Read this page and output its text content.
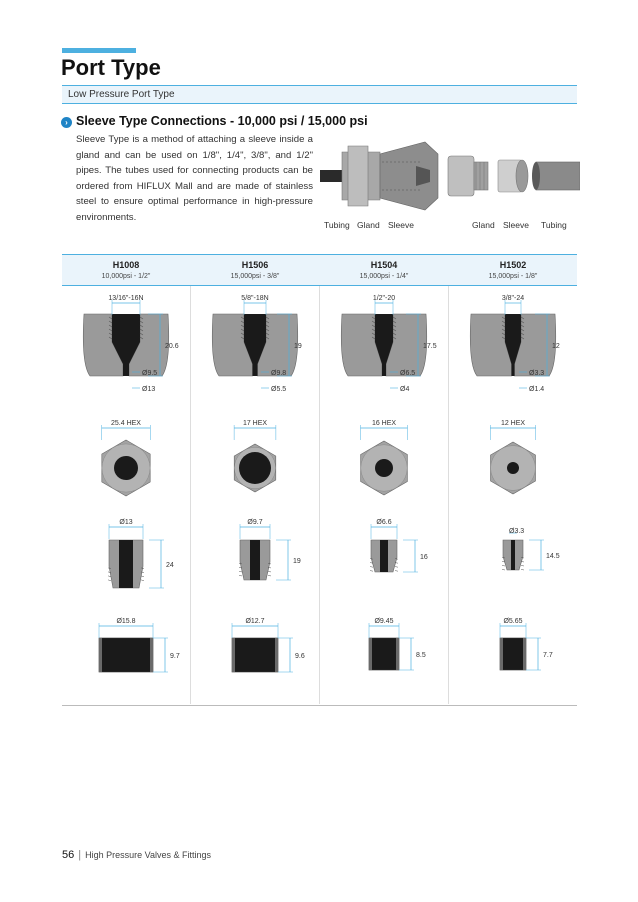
Port Type
Low Pressure Port Type
› Sleeve Type Connections - 10,000 psi / 15,000 psi
Sleeve Type is a method of attaching a sleeve inside a gland and can be used on 1/8", 1/4", 3/8", and 1/2" pipes. The tubes used for connecting products can be ordered from HIFLUX Mall and are made of stainless steel to ensure optimal performance in high-pressure environments.
Tubing Gland Sleeve	Gland Sleeve Tubing
H1008
10,000psi - 1/2"
H1506
15,000psi - 3/8"
H1504
15,000psi - 1/4"
H1502
15,000psi - 1/8"
13/16"-16N
20.6
Ø9.5
Ø13
25.4 HEX
Ø13
24
Ø15.8
9.7
5/8"-18N
19
Ø9.8
Ø5.5
17 HEX
Ø9.7
19
Ø12.7
9.6
1/2"-20
17.5
Ø6.5
Ø4
16 HEX
Ø6.6
16
Ø9.45
8.5
3/8"-24
12
Ø3.3
Ø1.4
12 HEX
Ø3.3
14.5
Ø5.65
7.7
56 | High Pressure Valves & Fittings
